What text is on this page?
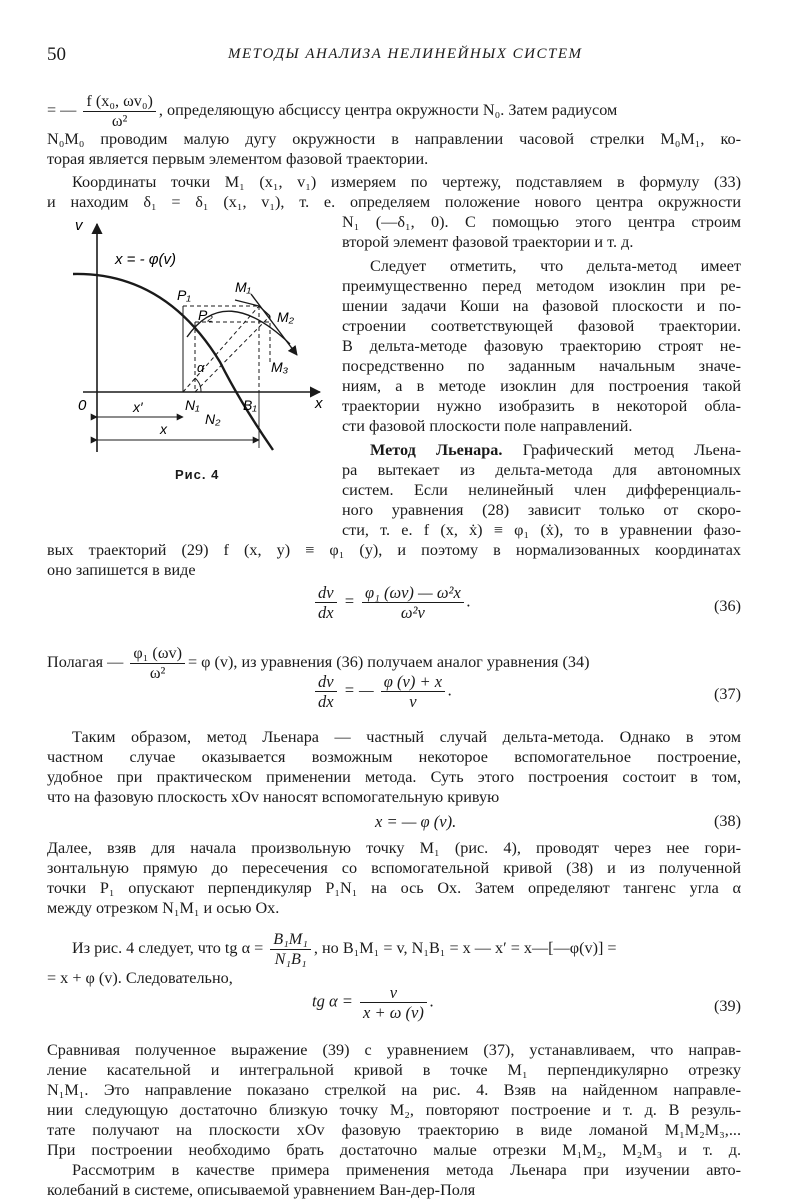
50	МЕТОДЫ АНАЛИЗА НЕЛИНЕЙНЫХ СИСТЕМ
= — $\frac{\text{f (x₀, ωv₀)}}{\text{ω²}}$ , определяющую абсциссу центра окружности N₀. Затем радиусом
N₀M₀ проводим малую дугу окружности в направлении часовой стрелки M₀M₁, ко-
торая является первым элементом фазовой траектории.
Координаты точки M₁ (x₁, v₁) измеряем по чертежу, подставляем в формулу (33)
и находим δ₁ = δ₁ (x₁, v₁), т. е. определяем положение нового центра окружности
N₁ (—δ₁, 0). С помощью этого центра строим
второй элемент фазовой траектории и т. д.
Следует отметить, что дельта-метод имеет
преимущественно перед методом изоклин при ре-
шении задачи Коши на фазовой плоскости и по-
строении соответствующей фазовой траектории.
В дельта-методе фазовую траекторию строят не-
посредственно по заданным начальным значе-
ниям, а в методе изоклин для построения такой
траектории нужно изобразить в некоторой обла-
сти фазовой плоскости поле направлений.
Метод Льенара. Графический метод Льена-
ра вытекает из дельта-метода для автономных
систем. Если нелинейный член дифференциаль-
ного уравнения (28) зависит только от скоро-
сти, т. е. f (x, ẋ) ≡ φ₁ (ẋ), то в уравнении фазо-
вых траекторий (29) f (x, y) ≡ φ₁ (y), и поэтому в нормализованных координатах
оно запишется в виде
$\frac{dv}{dx} = \frac{\text{φ₁ (ωv) — ω²x}}{\text{ω²v}}$ .	(36)
Полагая — $\frac{\text{φ₁ (ωv)}}{\text{ω²}} = \varphi$ (v), из уравнения (36) получаем аналог уравнения (34)
$\frac{dv}{dx}$ = — $\frac{\varphi (v) + x}{v}$ .	(37)
Таким образом, метод Льенара — частный случай дельта-метода. Однако в этом
частном случае оказывается возможным некоторое вспомогательное построение,
удобное при практическом применении метода. Суть этого построения состоит в том,
что на фазовую плоскость xOv наносят вспомогательную кривую
x = — φ (v).	(38)
Далее, взяв для начала произвольную точку M₁ (рис. 4), проводят через нее гори-
зонтальную прямую до пересечения со вспомогательной кривой (38) и из полученной
точки P₁ опускают перпендикуляр P₁N₁ на ось Ox. Затем определяют тангенс угла α
между отрезком N₁M₁ и осью Ox.
Из рис. 4 следует, что tg $\alpha = \frac{\text{B₁M₁}}{\text{N₁B₁}}$ , но B₁M₁ = v, N₁B₁ = x — x′ = x—[—φ(v)] =
= x + φ (v). Следовательно,
tg $\alpha = \frac{v}{x + \omega (v)}$ .	(39)
Сравнивая полученное выражение (39) с уравнением (37), устанавливаем, что направ-
ление касательной и интегральной кривой в точке M₁ перпендикулярно отрезку
N₁M₁. Это направление показано стрелкой на рис. 4. Взяв на найденном направле-
нии следующую достаточно близкую точку M₂, повторяют построение и т. д. В резуль-
тате получают на плоскости xOv фазовую траекторию в виде ломаной M₁M₂M₃,...
При построении необходимо брать достаточно малые отрезки M₁M₂, M₂M₃ и т. д.
Рассмотрим в качестве примера применения метода Льенара при изучении авто-
колебаний в системе, описываемой уравнением Ван-дер-Поля
v
x
0
x = - φ(v)
P₁
P₂
M₁
M₂
M₃
N₁
N₂
B₁
α
x′
x
Рис. 4
